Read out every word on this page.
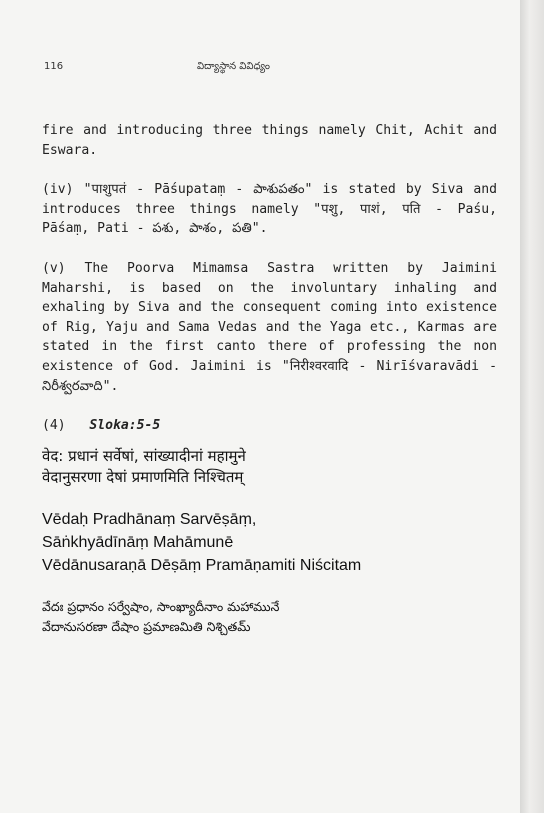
116	విద్యాస్థాన వివిధ్యం

fire and introducing three things namely Chit, Achit and Eswara.

(iv) "पाशुपतं - Pāśupataṃ - పాశుపతం" is stated by Siva and introduces three things namely "पशु, पाशं, पति - Paśu, Pāśaṃ, Pati - పశు, పాశం, పతి".

(v) The Poorva Mimamsa Sastra written by Jaimini Maharshi, is based on the involuntary inhaling and exhaling by Siva and the consequent coming into existence of Rig, Yaju and Sama Vedas and the Yaga etc., Karmas are stated in the first canto there of professing the non existence of God. Jaimini is "निरीश्वरवादि - Nirīśvaravādi - నిరీశ్వరవాది".

(4) Sloka:5-5

वेद: प्रधानं सर्वेषां, सांख्यादीनां महामुने

वेदानुसरणा देषां प्रमाणमिति निश्चितम्

Vēdaḥ Pradhānaṃ Sarvēṣāṃ,

Sāṅkhyādīnāṃ Mahāmunē

Vēdānusaraṇā Dēṣāṃ Pramāṇamiti Niścitam

వేదః ప్రధానం సర్వేషాం, సాంఖ్యాదీనాం మహామునే

వేదానుసరణా దేషాం ప్రమాణమితి నిశ్చితమ్
